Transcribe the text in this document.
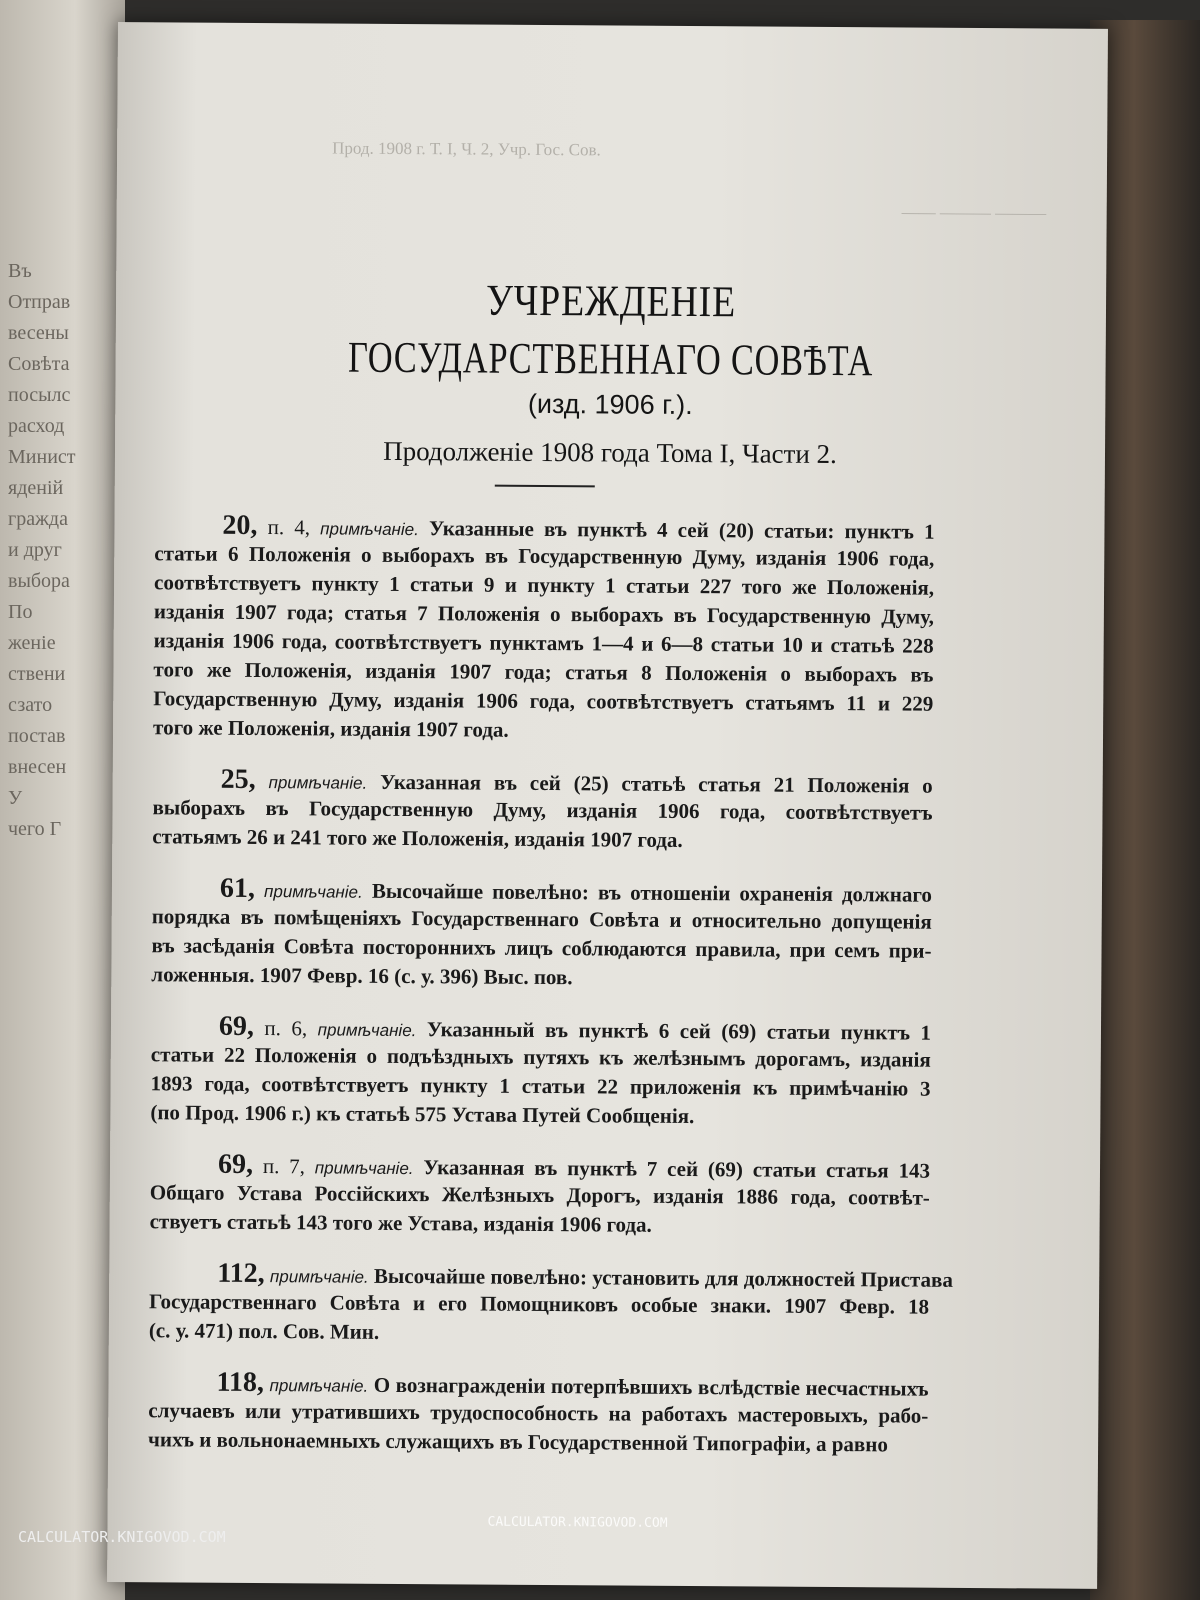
Въ
Отправ
весены
Совѣта
посылс
расход
Минист
яденій
гражда
и друг
выбора
По
женіе
ствени
сзато
постав
внесен
У
чего Г
Прод. 1908 г. Т. I, Ч. 2, Учр. Гос. Сов.
—— ——— ———
УЧРЕЖДЕНІЕ
ГОСУДАРСТВЕННАГО СОВѢТА
(изд. 1906 г.).
Продолженіе 1908 года Тома I, Части 2.
20, п. 4, примѣчаніе. Указанные въ пунктѣ 4 сей (20) статьи: пунктъ 1
статьи 6 Положенія о выборахъ въ Государственную Думу, изданія 1906 года,
соотвѣтствуетъ пункту 1 статьи 9 и пункту 1 статьи 227 того же Положенія,
изданія 1907 года; статья 7 Положенія о выборахъ въ Государственную Думу,
изданія 1906 года, соотвѣтствуетъ пунктамъ 1—4 и 6—8 статьи 10 и статьѣ 228
того же Положенія, изданія 1907 года; статья 8 Положенія о выборахъ въ
Государственную Думу, изданія 1906 года, соотвѣтствуетъ статьямъ 11 и 229
того же Положенія, изданія 1907 года.
25, примѣчаніе. Указанная въ сей (25) статьѣ статья 21 Положенія о
выборахъ въ Государственную Думу, изданія 1906 года, соотвѣтствуетъ
статьямъ 26 и 241 того же Положенія, изданія 1907 года.
61, примѣчаніе. Высочайше повелѣно: въ отношеніи охраненія должнаго
порядка въ помѣщеніяхъ Государственнаго Совѣта и относительно допущенія
въ засѣданія Совѣта постороннихъ лицъ соблюдаются правила, при семъ при-
ложенныя. 1907 Февр. 16 (с. у. 396) Выс. пов.
69, п. 6, примѣчаніе. Указанный въ пунктѣ 6 сей (69) статьи пунктъ 1
статьи 22 Положенія о подъѣздныхъ путяхъ къ желѣзнымъ дорогамъ, изданія
1893 года, соотвѣтствуетъ пункту 1 статьи 22 приложенія къ примѣчанію 3
(по Прод. 1906 г.) къ статьѣ 575 Устава Путей Сообщенія.
69, п. 7, примѣчаніе. Указанная въ пунктѣ 7 сей (69) статьи статья 143
Общаго Устава Россійскихъ Желѣзныхъ Дорогъ, изданія 1886 года, соотвѣт-
ствуетъ статьѣ 143 того же Устава, изданія 1906 года.
112, примѣчаніе. Высочайше повелѣно: установить для должностей Пристава
Государственнаго Совѣта и его Помощниковъ особые знаки. 1907 Февр. 18
(с. у. 471) пол. Сов. Мин.
118, примѣчаніе. О вознагражденіи потерпѣвшихъ вслѣдствіе несчастныхъ
случаевъ или утратившихъ трудоспособность на работахъ мастеровыхъ, рабо-
чихъ и вольнонаемныхъ служащихъ въ Государственной Типографіи, а равно
CALCULATOR.KNIGOVOD.COM
CALCULATOR.KNIGOVOD.COM
